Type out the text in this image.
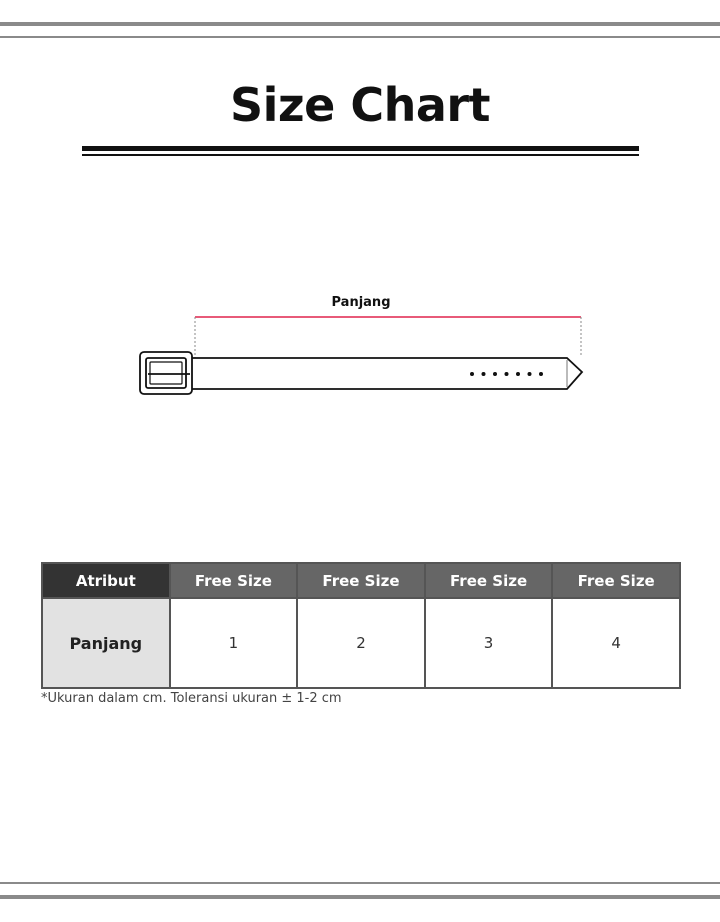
Size Chart
Panjang
Atribut	Free Size	Free Size	Free Size	Free Size
Panjang	1	2	3	4
*Ukuran dalam cm. Toleransi ukuran ± 1-2 cm
